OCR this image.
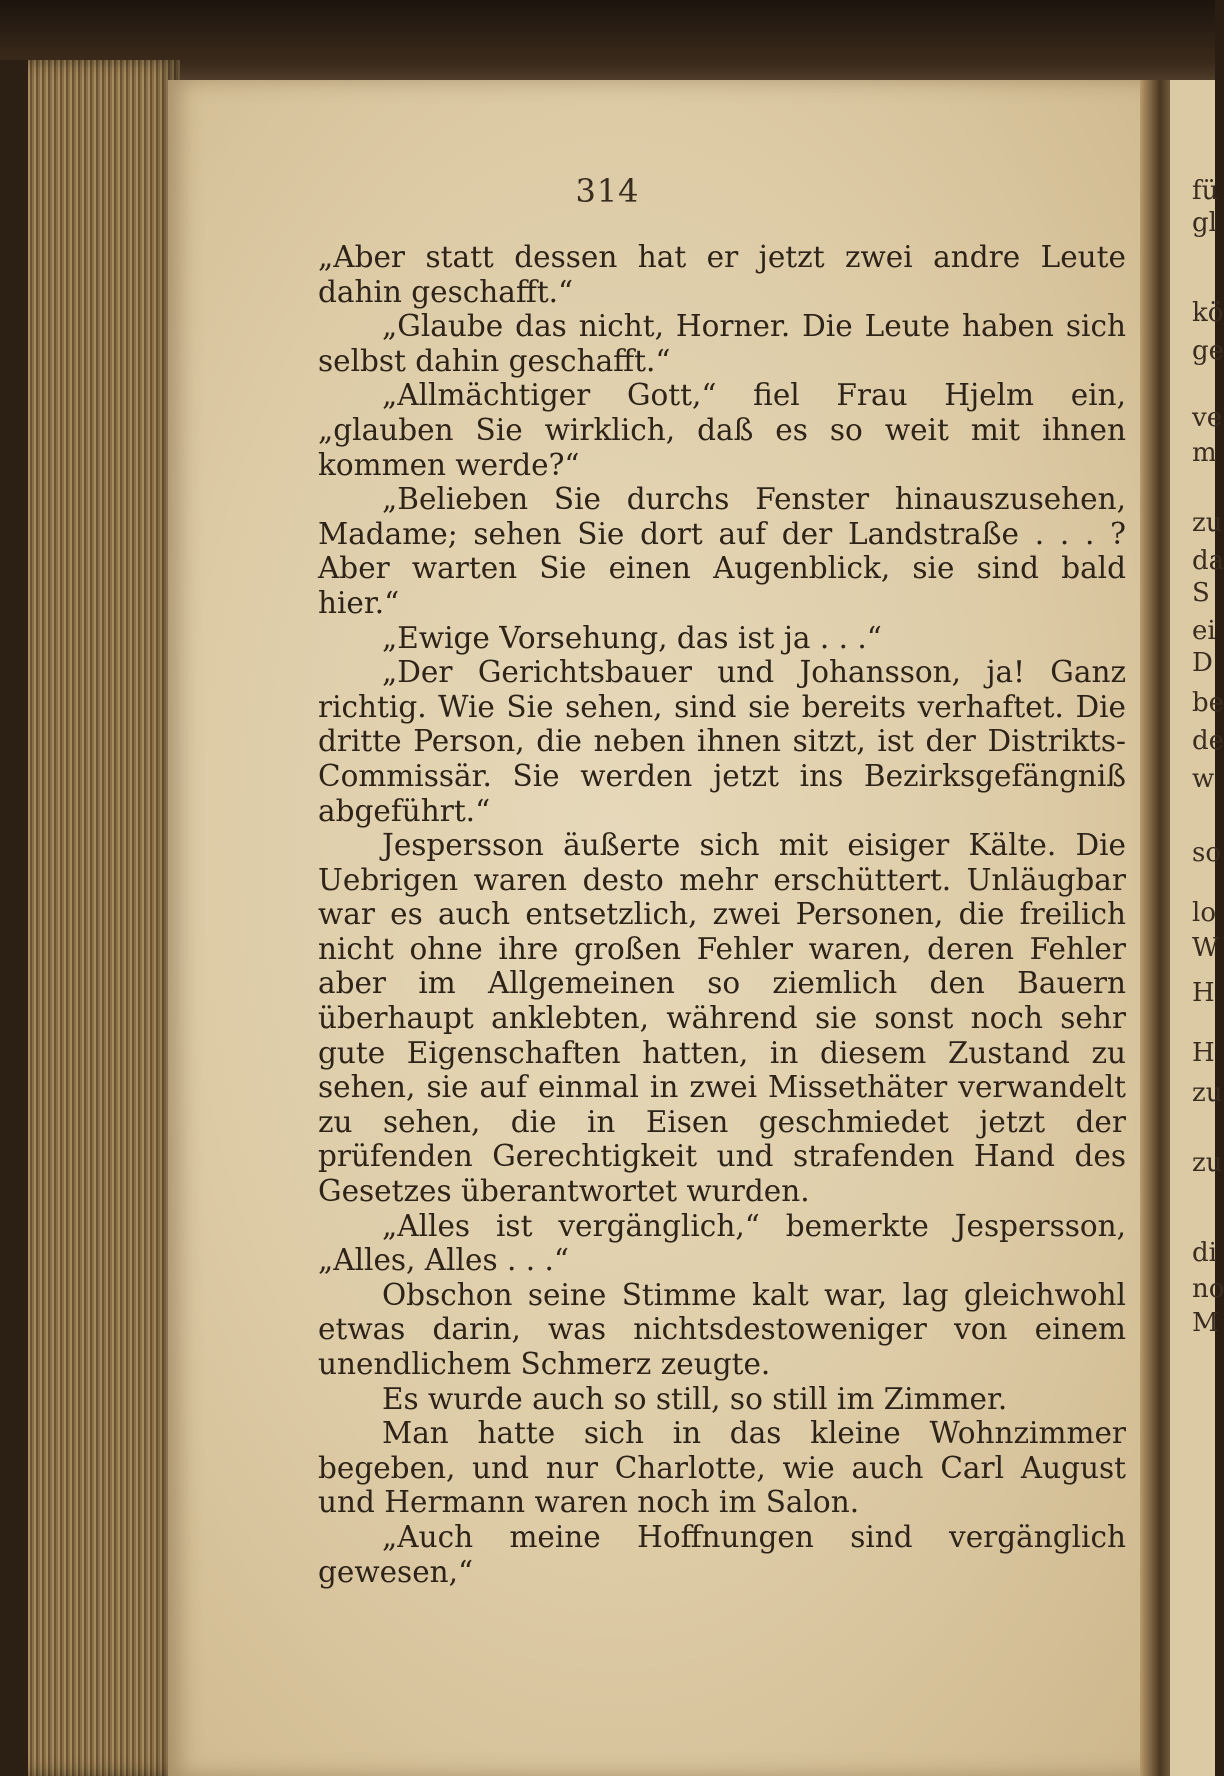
fü
gl
kö
ge
ve
m
zu
da
S
ei
D
be
de
w
so
lo
W
H
H
zu
zu
di
no
M
314

„Aber statt dessen hat er jetzt zwei andre Leute dahin geschafft.“

„Glaube das nicht, Horner. Die Leute haben sich selbst dahin geschafft.“

„Allmächtiger Gott,“ fiel Frau Hjelm ein, „glauben Sie wirklich, daß es so weit mit ihnen kommen werde?“

„Belieben Sie durchs Fenster hinauszusehen, Madame; sehen Sie dort auf der Landstraße . . . ? Aber warten Sie einen Augenblick, sie sind bald hier.“

„Ewige Vorsehung, das ist ja . . .“

„Der Gerichtsbauer und Johansson, ja! Ganz richtig. Wie Sie sehen, sind sie bereits verhaftet. Die dritte Person, die neben ihnen sitzt, ist der Distrikts-Commissär. Sie werden jetzt ins Bezirksgefängniß abgeführt.“

Jespersson äußerte sich mit eisiger Kälte. Die Uebrigen waren desto mehr erschüttert. Unläugbar war es auch entsetzlich, zwei Personen, die freilich nicht ohne ihre großen Fehler waren, deren Fehler aber im Allgemeinen so ziemlich den Bauern überhaupt anklebten, während sie sonst noch sehr gute Eigenschaften hatten, in diesem Zustand zu sehen, sie auf einmal in zwei Missethäter verwandelt zu sehen, die in Eisen geschmiedet jetzt der prüfenden Gerechtigkeit und strafenden Hand des Gesetzes überantwortet wurden.

„Alles ist vergänglich,“ bemerkte Jespersson, „Alles, Alles . . .“

Obschon seine Stimme kalt war, lag gleichwohl etwas darin, was nichtsdestoweniger von einem unendlichem Schmerz zeugte.

Es wurde auch so still, so still im Zimmer.

Man hatte sich in das kleine Wohnzimmer begeben, und nur Charlotte, wie auch Carl August und Hermann waren noch im Salon.

„Auch meine Hoffnungen sind vergänglich gewesen,“
